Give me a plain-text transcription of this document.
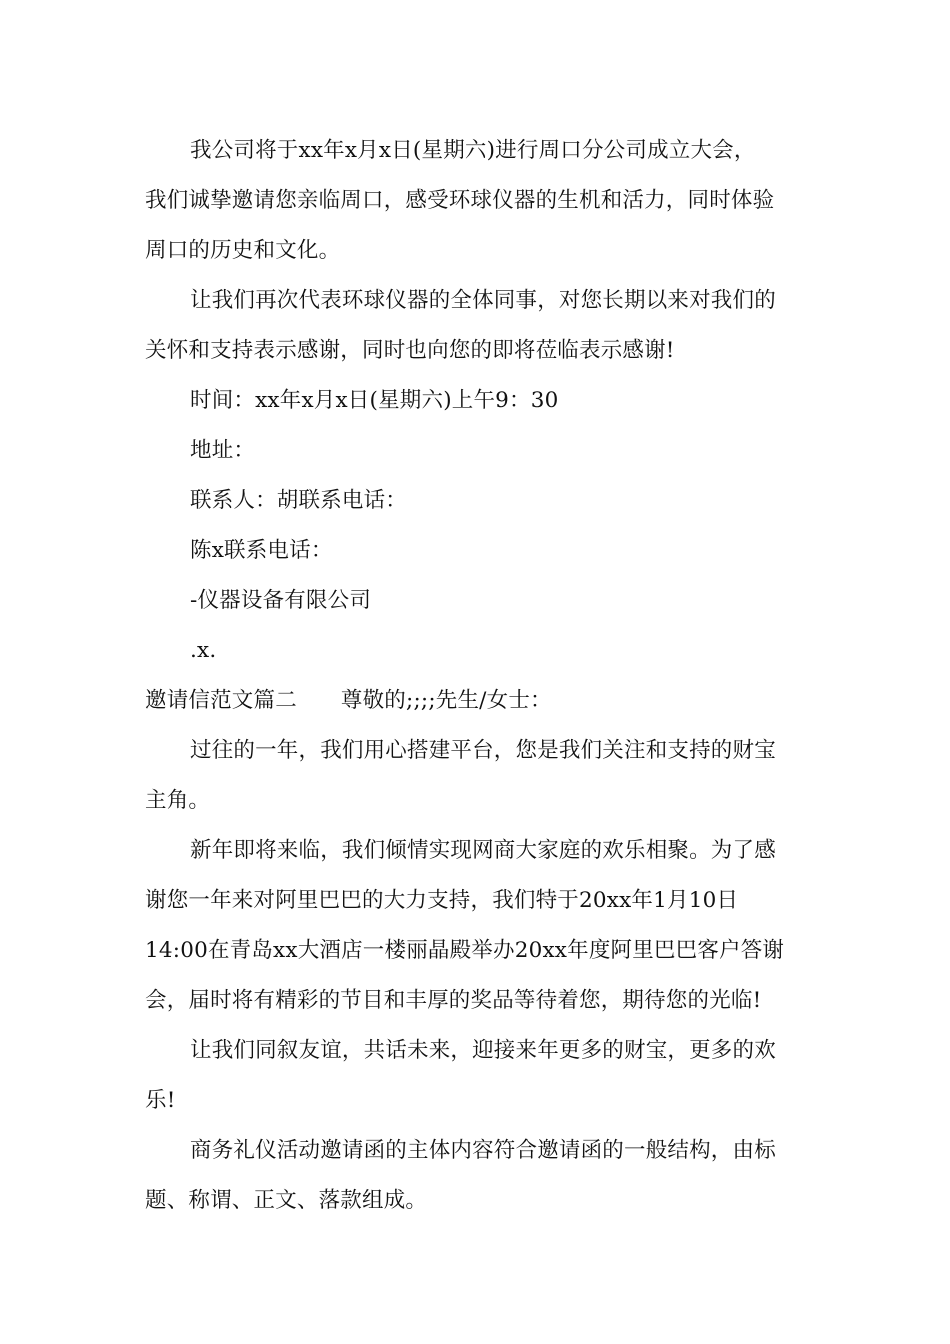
我公司将于xx年x月x日(星期六)进行周口分公司成立大会，
我们诚挚邀请您亲临周口，感受环球仪器的生机和活力，同时体验
周口的历史和文化。
让我们再次代表环球仪器的全体同事，对您长期以来对我们的
关怀和支持表示感谢，同时也向您的即将莅临表示感谢!
时间：xx年x月x日(星期六)上午9：30
地址：
联系人：胡联系电话：
陈x联系电话：
-仪器设备有限公司
.x.
邀请信范文篇二 尊敬的;;;;先生/女士：
过往的一年，我们用心搭建平台，您是我们关注和支持的财宝
主角。
新年即将来临，我们倾情实现网商大家庭的欢乐相聚。为了感
谢您一年来对阿里巴巴的大力支持，我们特于20xx年1月10日
14:00在青岛xx大酒店一楼丽晶殿举办20xx年度阿里巴巴客户答谢
会，届时将有精彩的节目和丰厚的奖品等待着您，期待您的光临!
让我们同叙友谊，共话未来，迎接来年更多的财宝，更多的欢
乐!
商务礼仪活动邀请函的主体内容符合邀请函的一般结构，由标
题、称谓、正文、落款组成。
